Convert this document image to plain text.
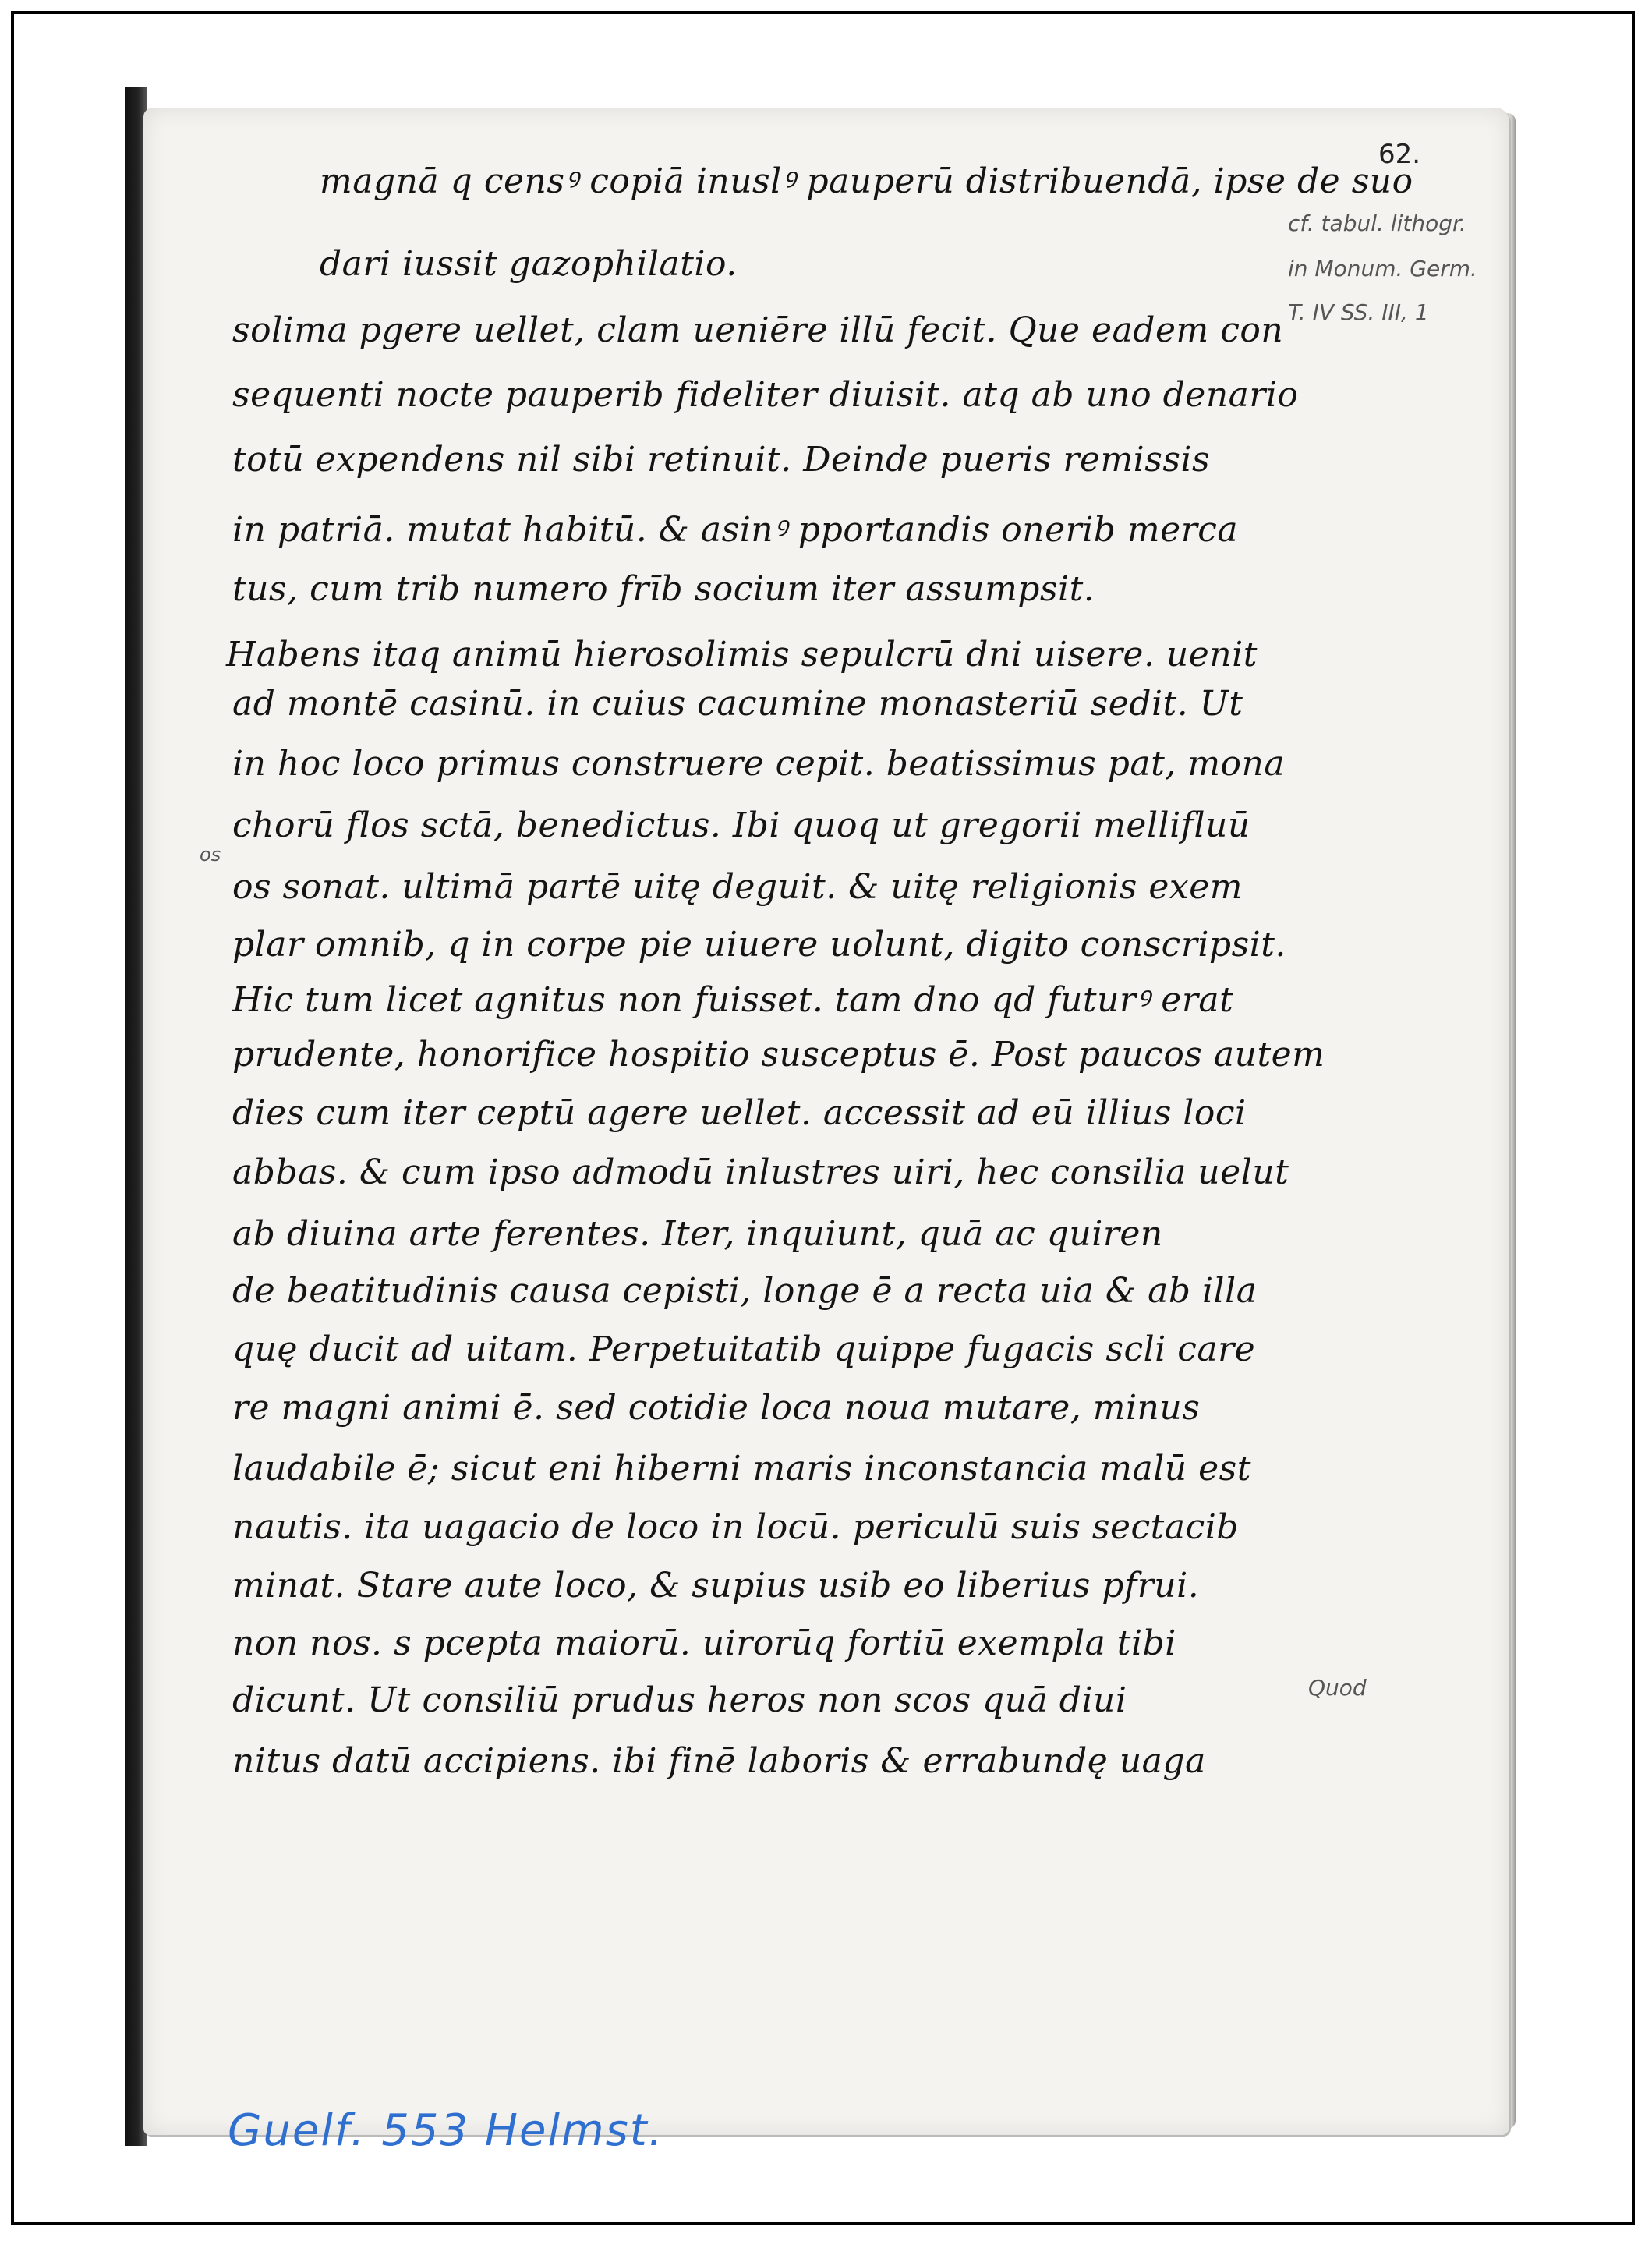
62.
magnā q censꝰ copiā inuslꝰ pauperū distribuendā, ipse de suo
dari iussit gazophilatio.
solima pgere uellet, clam ueniēre illū fecit. Que eadem con
sequenti nocte pauperib fideliter diuisit. atq ab uno denario
totū expendens nil sibi retinuit. Deinde pueris remissis
in patriā. mutat habitū. & asinꝰ pportandis onerib merca
tus, cum trib numero frīb socium iter assumpsit.
Habens itaq animū hierosolimis sepulcrū dni uisere. uenit
ad montē casinū. in cuius cacumine monasteriū sedit. Ut
in hoc loco primus construere cepit. beatissimus pat, mona
chorū flos sctā, benedictus. Ibi quoq ut gregorii mellifluū
os sonat. ultimā partē uitę deguit. & uitę religionis exem
plar omnib, q in corpe pie uiuere uolunt, digito conscripsit.
Hic tum licet agnitus non fuisset. tam dno qd futurꝰ erat
prudente, honorifice hospitio susceptus ē. Post paucos autem
dies cum iter ceptū agere uellet. accessit ad eū illius loci
abbas. & cum ipso admodū inlustres uiri, hec consilia uelut
ab diuina arte ferentes. Iter, inquiunt, quā ac quiren
de beatitudinis causa cepisti, longe ē a recta uia & ab illa
quę ducit ad uitam. Perpetuitatib quippe fugacis scli care
re magni animi ē. sed cotidie loca noua mutare, minus
laudabile ē; sicut eni hiberni maris inconstancia malū est
nautis. ita uagacio de loco in locū. periculū suis sectacib
minat. Stare aute loco, & supius usib eo liberius pfrui.
non nos. s pcepta maiorū. uirorūq fortiū exempla tibi
dicunt. Ut consiliū prudus heros non scos quā diui
nitus datū accipiens. ibi finē laboris & errabundę uaga
cf. tabul. lithogr.
in Monum. Germ.
T. IV SS. III, 1
os
Quod
Guelf. 553 Helmst.
